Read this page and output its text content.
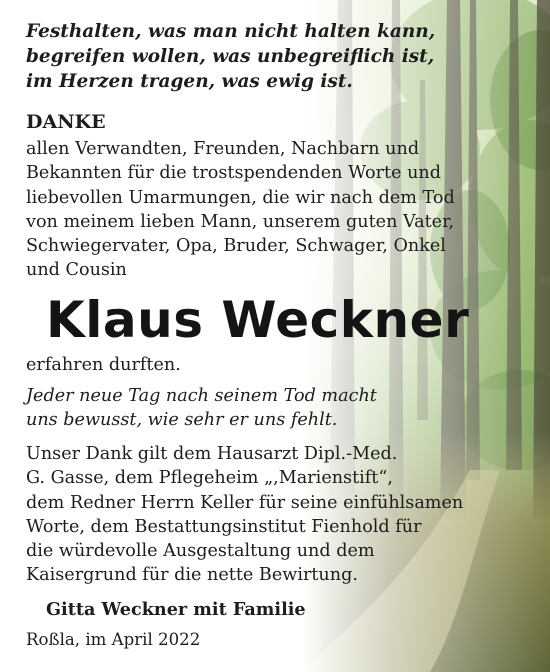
Festhalten, was man nicht halten kann,
begreifen wollen, was unbegreiflich ist,
im Herzen tragen, was ewig ist.
DANKE
allen Verwandten, Freunden, Nachbarn und
Bekannten für die trostspendenden Worte und
liebevollen Umarmungen, die wir nach dem Tod
von meinem lieben Mann, unserem guten Vater,
Schwiegervater, Opa, Bruder, Schwager, Onkel
und Cousin
Klaus Weckner
erfahren durften.
Jeder neue Tag nach seinem Tod macht
uns bewusst, wie sehr er uns fehlt.
Unser Dank gilt dem Hausarzt Dipl.-Med.
G. Gasse, dem Pflegeheim „,Marienstift“,
dem Redner Herrn Keller für seine einfühlsamen
Worte, dem Bestattungsinstitut Fienhold für
die würdevolle Ausgestaltung und dem
Kaisergrund für die nette Bewirtung.
Gitta Weckner mit Familie
Roßla, im April 2022
